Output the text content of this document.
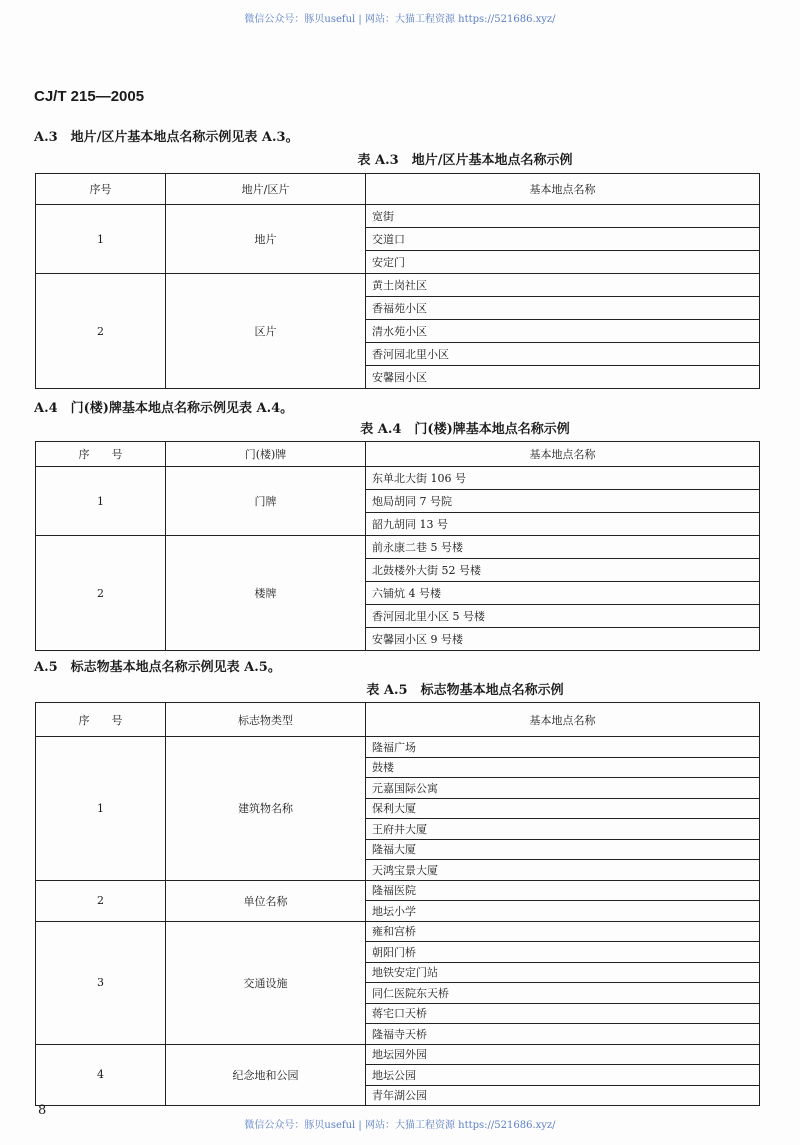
微信公众号：豚贝useful | 网站：大猫工程资源 https://521686.xyz/
CJ/T 215—2005
A.3　地片/区片基本地点名称示例见表 A.3。
表 A.3　地片/区片基本地点名称示例
序号	地片/区片	基本地点名称
1	地片	宽街
		交道口
		安定门
2	区片	黄土岗社区
		香福苑小区
		清水苑小区
		香河园北里小区
		安馨园小区
A.4　门(楼)牌基本地点名称示例见表 A.4。
表 A.4　门(楼)牌基本地点名称示例
序　　号	门(楼)牌	基本地点名称
1	门牌	东单北大街 106 号
		炮局胡同 7 号院
		韶九胡同 13 号
2	楼牌	前永康二巷 5 号楼
		北鼓楼外大街 52 号楼
		六铺炕 4 号楼
		香河园北里小区 5 号楼
		安馨园小区 9 号楼
A.5　标志物基本地点名称示例见表 A.5。
表 A.5　标志物基本地点名称示例
序　　号	标志物类型	基本地点名称
1	建筑物名称	隆福广场
		鼓楼
		元嘉国际公寓
		保利大厦
		王府井大厦
		隆福大厦
		天鸿宝景大厦
2	单位名称	隆福医院
		地坛小学
3	交通设施	雍和宫桥
		朝阳门桥
		地铁安定门站
		同仁医院东天桥
		蒋宅口天桥
		隆福寺天桥
4	纪念地和公园	地坛园外园
		地坛公园
		青年湖公园
8
微信公众号：豚贝useful | 网站：大猫工程资源 https://521686.xyz/
